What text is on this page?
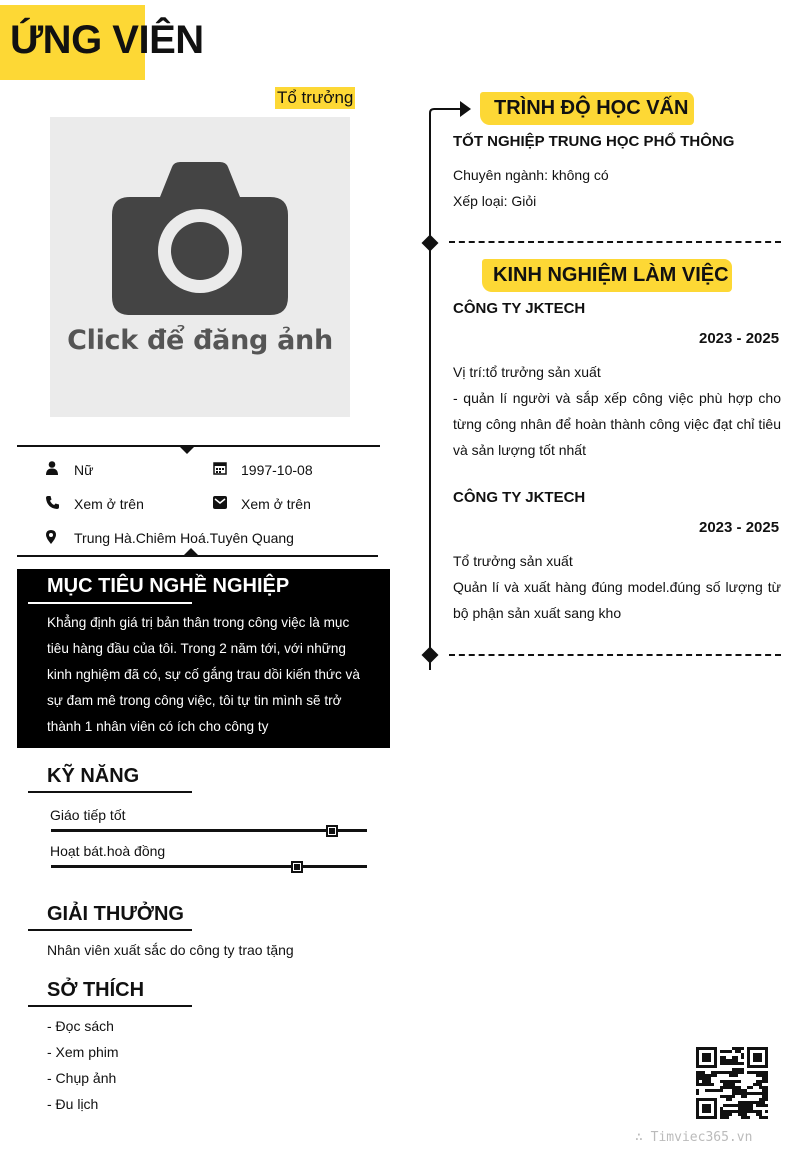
ỨNG VIÊN
Tổ trưởng
Click để đăng ảnh
Nữ	1997-10-08
Xem ở trên	Xem ở trên
Trung Hà.Chiêm Hoá.Tuyên Quang
MỤC TIÊU NGHỀ NGHIỆP
Khẳng định giá trị bản thân trong công việc là mục tiêu hàng đầu của tôi. Trong 2 năm tới, với những kinh nghiệm đã có, sự cố gắng trau dồi kiến thức và sự đam mê trong công việc, tôi tự tin mình sẽ trở thành 1 nhân viên có ích cho công ty
KỸ NĂNG
Giáo tiếp tốt
Hoạt bát.hoà đồng
GIẢI THƯỞNG
Nhân viên xuất sắc do công ty trao tặng
SỞ THÍCH
- Đọc sách
- Xem phim
- Chụp ảnh
- Đu lịch
TRÌNH ĐỘ HỌC VẤN
TỐT NGHIỆP TRUNG HỌC PHỔ THÔNG
Chuyên ngành: không có
Xếp loại: Giỏi
KINH NGHIỆM LÀM VIỆC
CÔNG TY JKTECH
2023 - 2025
Vị trí:tổ trưởng sản xuất
- quản lí người và sắp xếp công việc phù hợp cho từng công nhân để hoàn thành công việc đạt chỉ tiêu và sản lượng tốt nhất
CÔNG TY JKTECH
2023 - 2025
Tổ trưởng sản xuất
Quản lí và xuất hàng đúng model.đúng số lượng từ bộ phận sản xuất sang kho
∴ Timviec365.vn
